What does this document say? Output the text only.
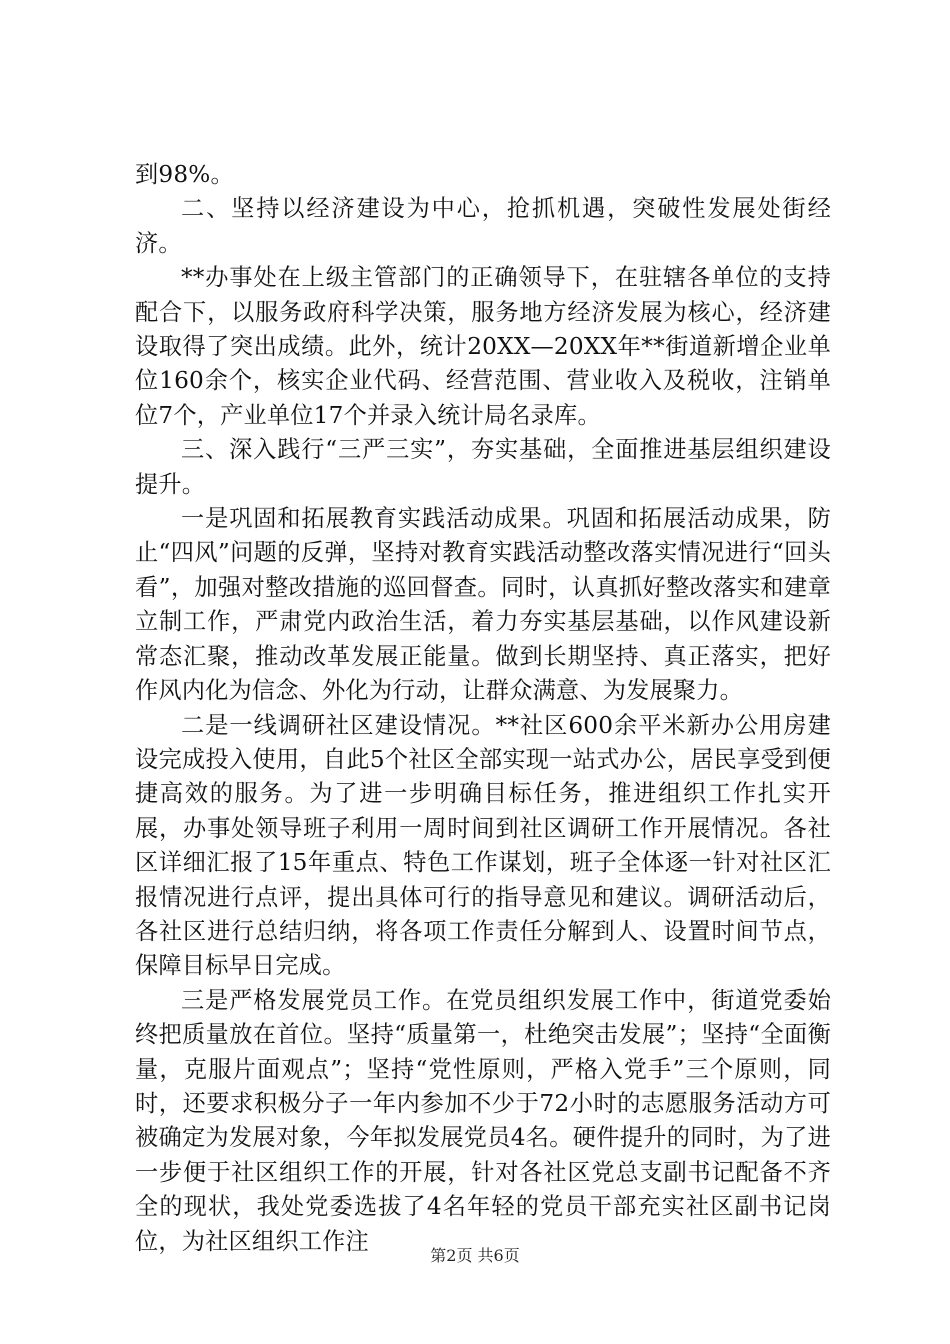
到98%。

二、坚持以经济建设为中心，抢抓机遇，突破性发展处街经济。

**办事处在上级主管部门的正确领导下，在驻辖各单位的支持配合下，以服务政府科学决策，服务地方经济发展为核心，经济建设取得了突出成绩。此外，统计20XX—20XX年**街道新增企业单位160余个，核实企业代码、经营范围、营业收入及税收，注销单位7个，产业单位17个并录入统计局名录库。

三、深入践行“三严三实”，夯实基础，全面推进基层组织建设提升。

一是巩固和拓展教育实践活动成果。巩固和拓展活动成果，防止“四风”问题的反弹，坚持对教育实践活动整改落实情况进行“回头看”，加强对整改措施的巡回督查。同时，认真抓好整改落实和建章立制工作，严肃党内政治生活，着力夯实基层基础，以作风建设新常态汇聚，推动改革发展正能量。做到长期坚持、真正落实，把好作风内化为信念、外化为行动，让群众满意、为发展聚力。

二是一线调研社区建设情况。**社区600余平米新办公用房建设完成投入使用，自此5个社区全部实现一站式办公，居民享受到便捷高效的服务。为了进一步明确目标任务，推进组织工作扎实开展，办事处领导班子利用一周时间到社区调研工作开展情况。各社区详细汇报了15年重点、特色工作谋划，班子全体逐一针对社区汇报情况进行点评，提出具体可行的指导意见和建议。调研活动后，各社区进行总结归纳，将各项工作责任分解到人、设置时间节点，保障目标早日完成。

三是严格发展党员工作。在党员组织发展工作中，街道党委始终把质量放在首位。坚持“质量第一，杜绝突击发展”；坚持“全面衡量，克服片面观点”；坚持“党性原则，严格入党手”三个原则，同时，还要求积极分子一年内参加不少于72小时的志愿服务活动方可被确定为发展对象，今年拟发展党员4名。硬件提升的同时，为了进一步便于社区组织工作的开展，针对各社区党总支副书记配备不齐全的现状，我处党委选拔了4名年轻的党员干部充实社区副书记岗位，为社区组织工作注

第2页 共6页
